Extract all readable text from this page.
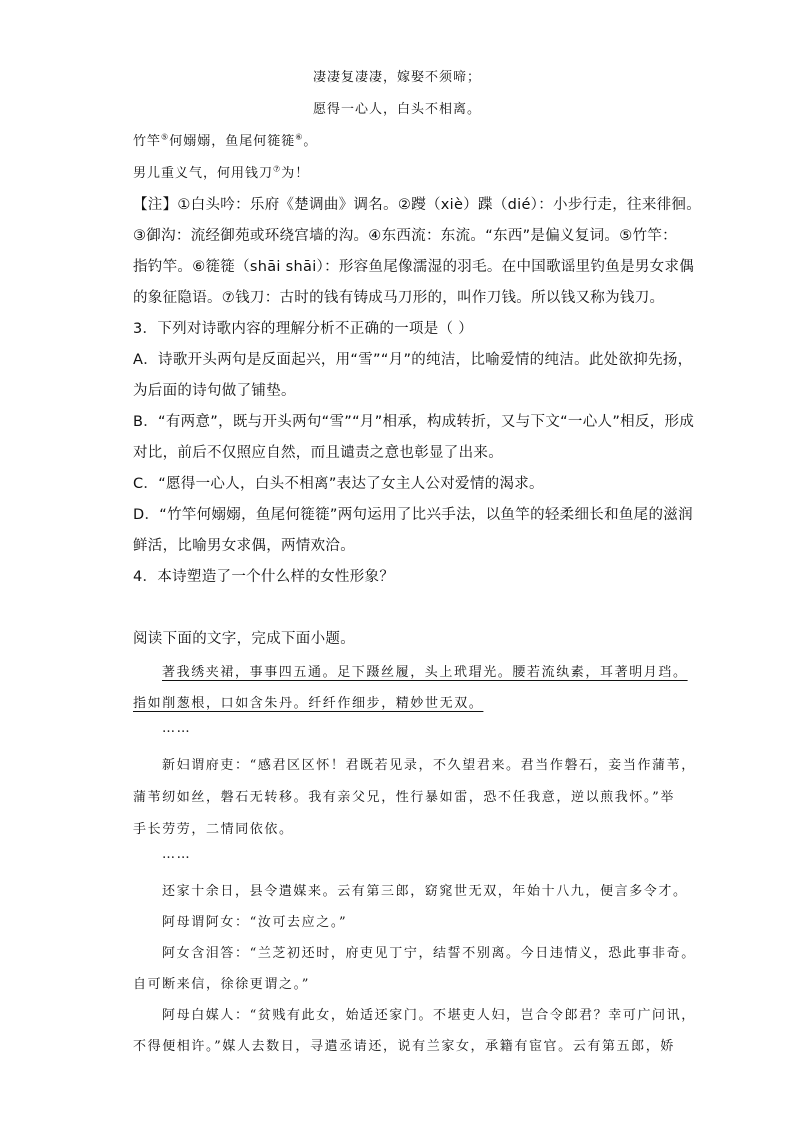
凄凄复凄凄，嫁娶不须啼；
愿得一心人，白头不相离。
竹竿⑤何嫋嫋，鱼尾何簁簁⑥。
男儿重义气，何用钱刀⑦为！
【注】①白头吟：乐府《楚调曲》调名。②躞（xiè）蹀（dié）：小步行走，往来徘徊。
③御沟：流经御苑或环绕宫墙的沟。④东西流：东流。“东西”是偏义复词。⑤竹竿：
指钓竿。⑥簁簁（shāi shāi）：形容鱼尾像濡湿的羽毛。在中国歌谣里钓鱼是男女求偶
的象征隐语。⑦钱刀：古时的钱有铸成马刀形的，叫作刀钱。所以钱又称为钱刀。
3．下列对诗歌内容的理解分析不正确的一项是（ ）
A．诗歌开头两句是反面起兴，用“雪”“月”的纯洁，比喻爱情的纯洁。此处欲抑先扬，
为后面的诗句做了铺垫。
B．“有两意”，既与开头两句“雪”“月”相承，构成转折，又与下文“一心人”相反，形成
对比，前后不仅照应自然，而且谴责之意也彰显了出来。
C．“愿得一心人，白头不相离”表达了女主人公对爱情的渴求。
D．“竹竿何嫋嫋，鱼尾何簁簁”两句运用了比兴手法，以鱼竿的轻柔细长和鱼尾的滋润
鲜活，比喻男女求偶，两情欢洽。
4．本诗塑造了一个什么样的女性形象？
阅读下面的文字，完成下面小题。
著我绣夹裙，事事四五通。足下蹑丝履，头上玳瑁光。腰若流纨素，耳著明月珰。
指如削葱根，口如含朱丹。纤纤作细步，精妙世无双。
……
新妇谓府吏：“感君区区怀！君既若见录，不久望君来。君当作磐石，妾当作蒲苇，
蒲苇纫如丝，磐石无转移。我有亲父兄，性行暴如雷，恐不任我意，逆以煎我怀。”举
手长劳劳，二情同依依。
……
还家十余日，县令遣媒来。云有第三郎，窈窕世无双，年始十八九，便言多令才。
阿母谓阿女：“汝可去应之。”
阿女含泪答：“兰芝初还时，府吏见丁宁，结誓不别离。今日违情义，恐此事非奇。
自可断来信，徐徐更谓之。”
阿母白媒人：“贫贱有此女，始适还家门。不堪吏人妇，岂合令郎君？幸可广问讯，
不得便相许。”媒人去数日，寻遣丞请还，说有兰家女，承籍有宦官。云有第五郎，娇
